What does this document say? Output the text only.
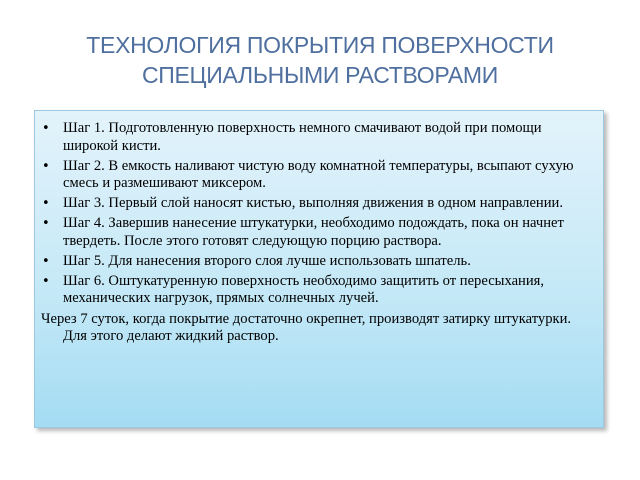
ТЕХНОЛОГИЯ ПОКРЫТИЯ ПОВЕРХНОСТИ СПЕЦИАЛЬНЫМИ РАСТВОРАМИ
• Шаг 1. Подготовленную поверхность немного смачивают водой при помощи широкой кисти.
• Шаг 2. В емкость наливают чистую воду комнатной температуры, всыпают сухую смесь и размешивают миксером.
• Шаг 3. Первый слой наносят кистью, выполняя движения в одном направлении.
• Шаг 4. Завершив нанесение штукатурки, необходимо подождать, пока он начнет твердеть. После этого готовят следующую порцию раствора.
• Шаг 5. Для нанесения второго слоя лучше использовать шпатель.
• Шаг 6. Оштукатуренную поверхность необходимо защитить от пересыхания, механических нагрузок, прямых солнечных лучей.
Через 7 суток, когда покрытие достаточно окрепнет, производят затирку штукатурки. Для этого делают жидкий раствор.
